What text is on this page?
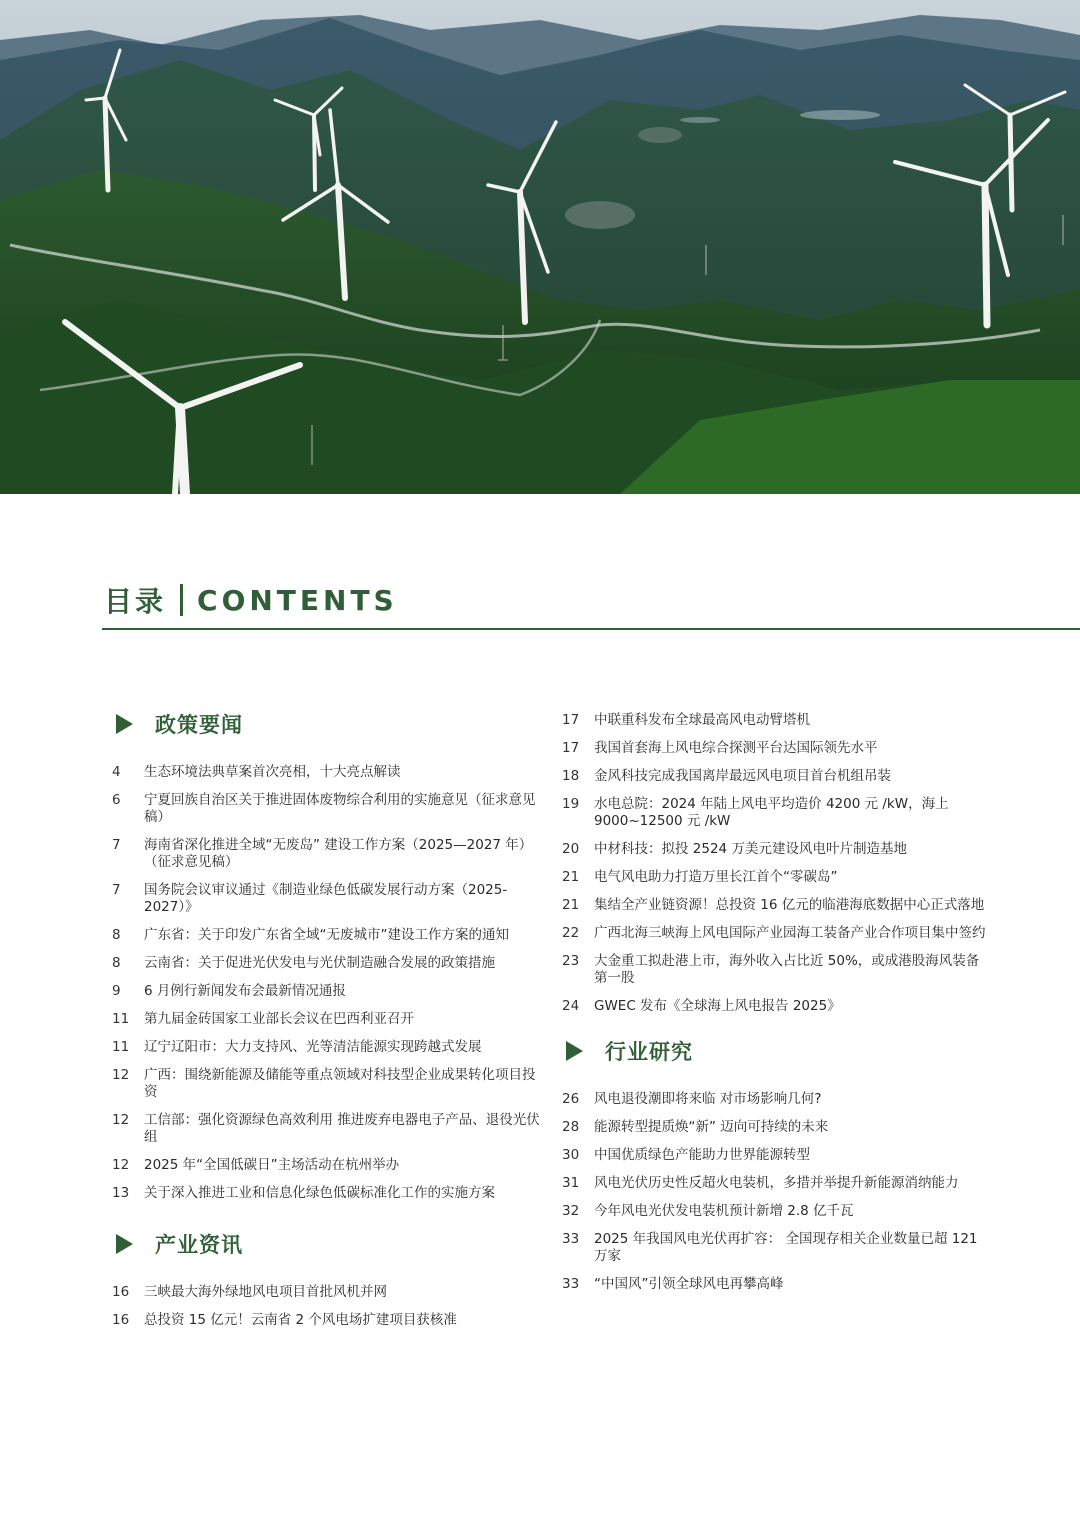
目录 CONTENTS
政策要闻
4	生态环境法典草案首次亮相，十大亮点解读
6	宁夏回族自治区关于推进固体废物综合利用的实施意见（征求意见稿）
7	海南省深化推进全域“无废岛” 建设工作方案（2025—2027 年）（征求意见稿）
7	国务院会议审议通过《制造业绿色低碳发展行动方案（2025-2027）》
8	广东省：关于印发广东省全域“无废城市”建设工作方案的通知
8	云南省：关于促进光伏发电与光伏制造融合发展的政策措施
9	6 月例行新闻发布会最新情况通报
11	第九届金砖国家工业部长会议在巴西利亚召开
11	辽宁辽阳市：大力支持风、光等清洁能源实现跨越式发展
12	广西：围绕新能源及储能等重点领域对科技型企业成果转化项目投资
12	工信部：强化资源绿色高效利用 推进废弃电器电子产品、退役光伏组
12	2025 年“全国低碳日”主场活动在杭州举办
13	关于深入推进工业和信息化绿色低碳标准化工作的实施方案
产业资讯
16	三峡最大海外绿地风电项目首批风机并网
16	总投资 15 亿元！云南省 2 个风电场扩建项目获核准
17	中联重科发布全球最高风电动臂塔机
17	我国首套海上风电综合探测平台达国际领先水平
18	金风科技完成我国离岸最远风电项目首台机组吊装
19	水电总院：2024 年陆上风电平均造价 4200 元 /kW，海上 9000~12500 元 /kW
20	中材科技：拟投 2524 万美元建设风电叶片制造基地
21	电气风电助力打造万里长江首个“零碳岛”
21	集结全产业链资源！总投资 16 亿元的临港海底数据中心正式落地
22	广西北海三峡海上风电国际产业园海工装备产业合作项目集中签约
23	大金重工拟赴港上市，海外收入占比近 50%，或成港股海风装备第一股
24	GWEC 发布《全球海上风电报告 2025》
行业研究
26	风电退役潮即将来临 对市场影响几何?
28	能源转型提质焕“新” 迈向可持续的未来
30	中国优质绿色产能助力世界能源转型
31	风电光伏历史性反超火电装机，多措并举提升新能源消纳能力
32	今年风电光伏发电装机预计新增 2.8 亿千瓦
33	2025 年我国风电光伏再扩容： 全国现存相关企业数量已超 121 万家
33	“中国风”引领全球风电再攀高峰
